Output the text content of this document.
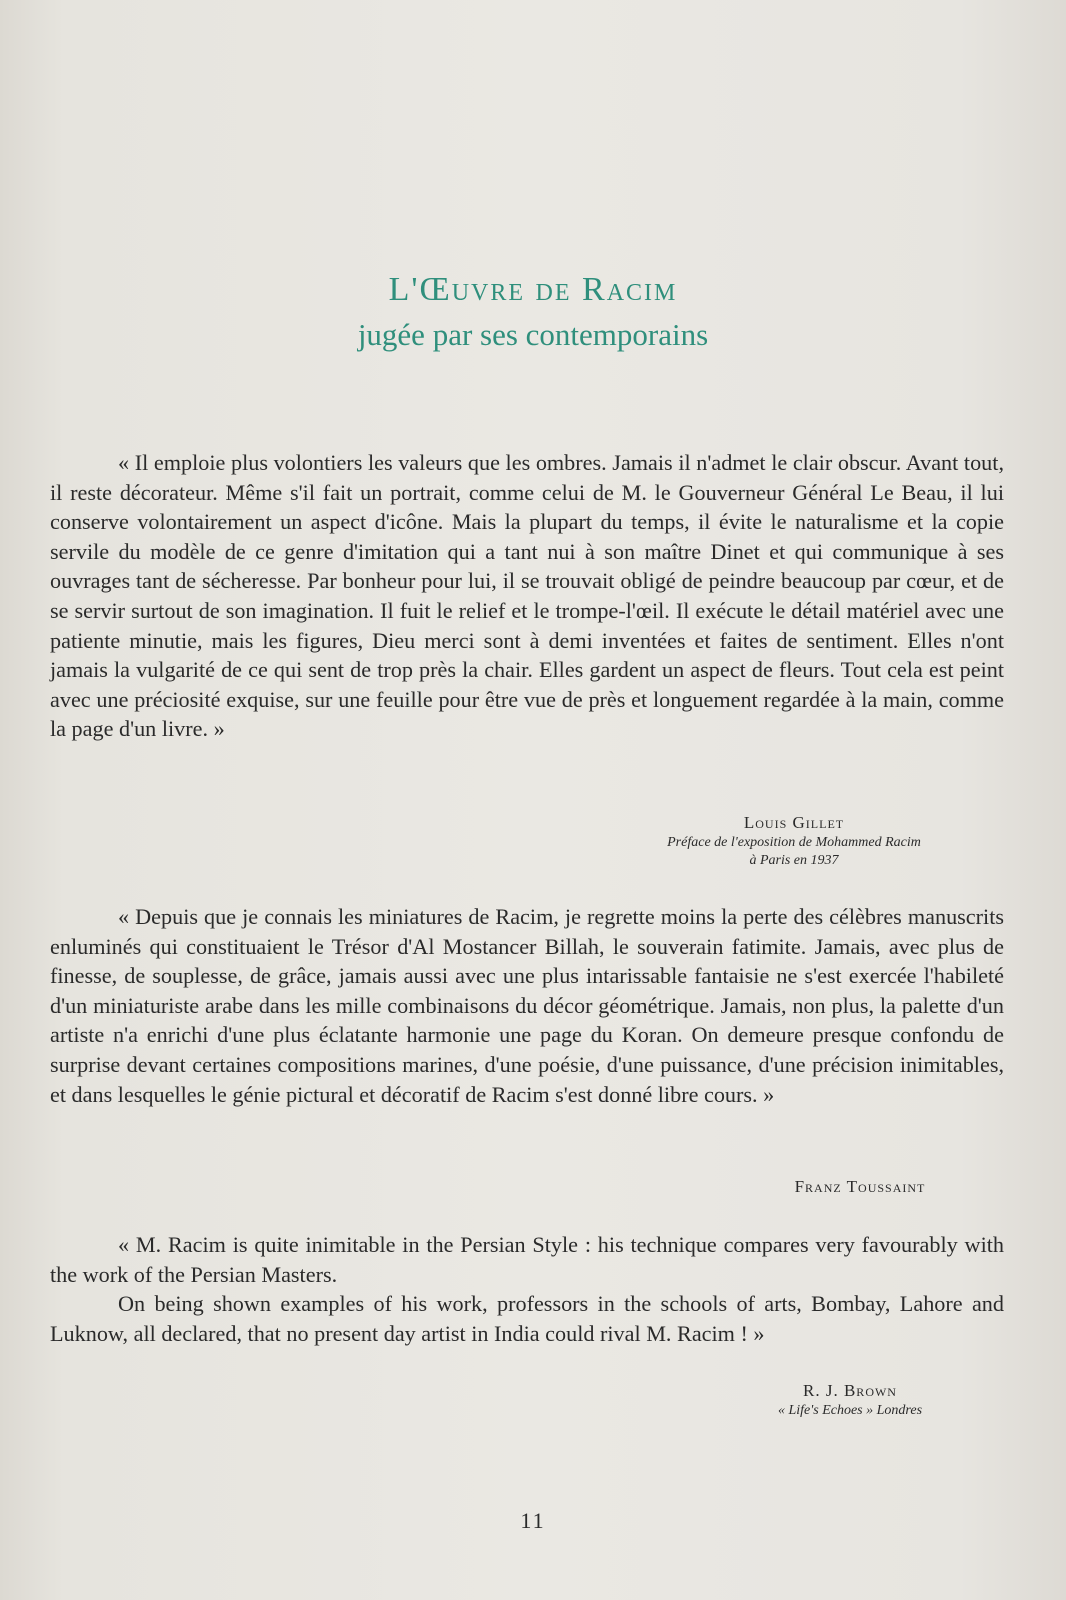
L'Œuvre de Racim
jugée par ses contemporains

« Il emploie plus volontiers les valeurs que les ombres. Jamais il n'admet le clair obscur. Avant tout, il reste décorateur. Même s'il fait un portrait, comme celui de M. le Gouverneur Général Le Beau, il lui conserve volontairement un aspect d'icône. Mais la plupart du temps, il évite le naturalisme et la copie servile du modèle de ce genre d'imitation qui a tant nui à son maître Dinet et qui communique à ses ouvrages tant de sécheresse. Par bonheur pour lui, il se trouvait obligé de peindre beaucoup par cœur, et de se servir surtout de son imagination. Il fuit le relief et le trompe-l'œil. Il exécute le détail matériel avec une patiente minutie, mais les figures, Dieu merci sont à demi inventées et faites de sentiment. Elles n'ont jamais la vulgarité de ce qui sent de trop près la chair. Elles gardent un aspect de fleurs. Tout cela est peint avec une préciosité exquise, sur une feuille pour être vue de près et longuement regardée à la main, comme la page d'un livre. »

Louis Gillet
Préface de l'exposition de Mohammed Racim
à Paris en 1937

« Depuis que je connais les miniatures de Racim, je regrette moins la perte des célèbres manuscrits enluminés qui constituaient le Trésor d'Al Mostancer Billah, le souverain fatimite. Jamais, avec plus de finesse, de souplesse, de grâce, jamais aussi avec une plus intarissable fantaisie ne s'est exercée l'habileté d'un miniaturiste arabe dans les mille combinaisons du décor géométrique. Jamais, non plus, la palette d'un artiste n'a enrichi d'une plus éclatante harmonie une page du Koran. On demeure presque confondu de surprise devant certaines compositions marines, d'une poésie, d'une puissance, d'une précision inimitables, et dans lesquelles le génie pictural et décoratif de Racim s'est donné libre cours. »

Franz Toussaint

« M. Racim is quite inimitable in the Persian Style : his technique compares very favourably with the work of the Persian Masters.

On being shown examples of his work, professors in the schools of arts, Bombay, Lahore and Luknow, all declared, that no present day artist in India could rival M. Racim ! »

R. J. Brown
« Life's Echoes » Londres
11
